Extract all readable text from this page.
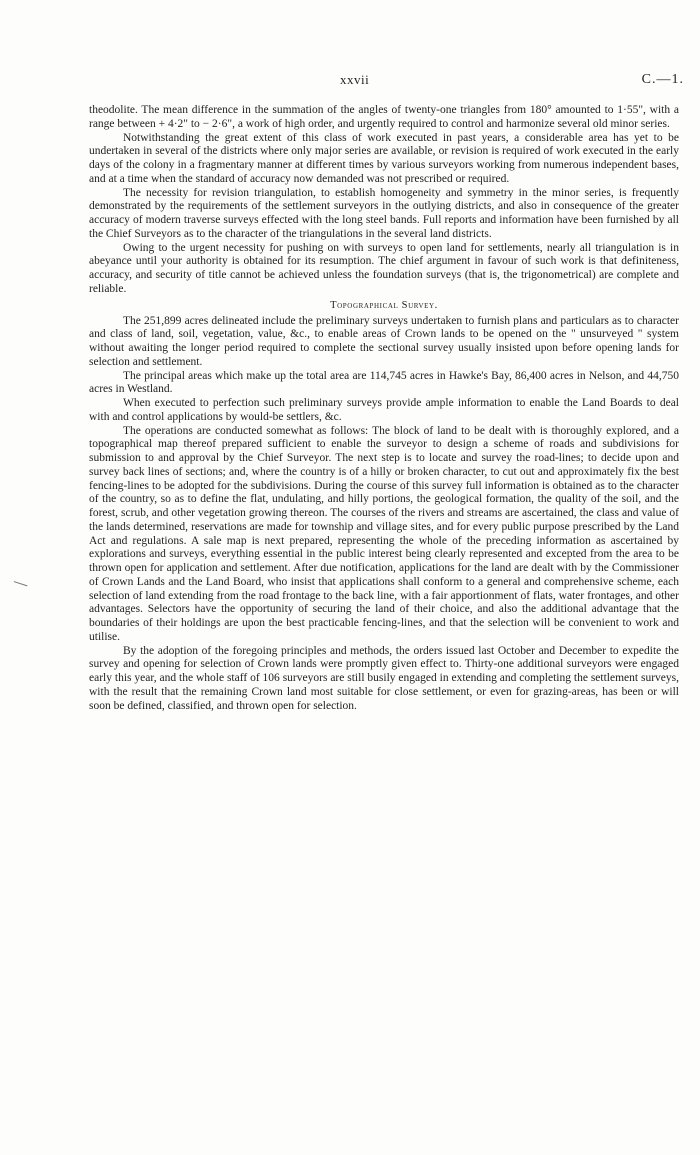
xxvii	C.—1.

theodolite. The mean difference in the summation of the angles of twenty-one triangles from 180° amounted to 1·55", with a range between + 4·2" to − 2·6", a work of high order, and urgently required to control and harmonize several old minor series.

Notwithstanding the great extent of this class of work executed in past years, a considerable area has yet to be undertaken in several of the districts where only major series are available, or revision is required of work executed in the early days of the colony in a fragmentary manner at different times by various surveyors working from numerous independent bases, and at a time when the standard of accuracy now demanded was not prescribed or required.

The necessity for revision triangulation, to establish homogeneity and symmetry in the minor series, is frequently demonstrated by the requirements of the settlement surveyors in the outlying districts, and also in consequence of the greater accuracy of modern traverse surveys effected with the long steel bands. Full reports and information have been furnished by all the Chief Surveyors as to the character of the triangulations in the several land districts.

Owing to the urgent necessity for pushing on with surveys to open land for settlements, nearly all triangulation is in abeyance until your authority is obtained for its resumption. The chief argument in favour of such work is that definiteness, accuracy, and security of title cannot be achieved unless the foundation surveys (that is, the trigonometrical) are complete and reliable.

Topographical Survey.

The 251,899 acres delineated include the preliminary surveys undertaken to furnish plans and particulars as to character and class of land, soil, vegetation, value, &c., to enable areas of Crown lands to be opened on the " unsurveyed " system without awaiting the longer period required to complete the sectional survey usually insisted upon before opening lands for selection and settlement.

The principal areas which make up the total area are 114,745 acres in Hawke's Bay, 86,400 acres in Nelson, and 44,750 acres in Westland.

When executed to perfection such preliminary surveys provide ample information to enable the Land Boards to deal with and control applications by would-be settlers, &c.

The operations are conducted somewhat as follows: The block of land to be dealt with is thoroughly explored, and a topographical map thereof prepared sufficient to enable the surveyor to design a scheme of roads and subdivisions for submission to and approval by the Chief Surveyor. The next step is to locate and survey the road-lines; to decide upon and survey back lines of sections; and, where the country is of a hilly or broken character, to cut out and approximately fix the best fencing-lines to be adopted for the subdivisions. During the course of this survey full information is obtained as to the character of the country, so as to define the flat, undulating, and hilly portions, the geological formation, the quality of the soil, and the forest, scrub, and other vegetation growing thereon. The courses of the rivers and streams are ascertained, the class and value of the lands determined, reservations are made for township and village sites, and for every public purpose prescribed by the Land Act and regulations. A sale map is next prepared, representing the whole of the preceding information as ascertained by explorations and surveys, everything essential in the public interest being clearly represented and excepted from the area to be thrown open for application and settlement. After due notification, applications for the land are dealt with by the Commissioner of Crown Lands and the Land Board, who insist that applications shall conform to a general and comprehensive scheme, each selection of land extending from the road frontage to the back line, with a fair apportionment of flats, water frontages, and other advantages. Selectors have the opportunity of securing the land of their choice, and also the additional advantage that the boundaries of their holdings are upon the best practicable fencing-lines, and that the selection will be convenient to work and utilise.

By the adoption of the foregoing principles and methods, the orders issued last October and December to expedite the survey and opening for selection of Crown lands were promptly given effect to. Thirty-one additional surveyors were engaged early this year, and the whole staff of 106 surveyors are still busily engaged in extending and completing the settlement surveys, with the result that the remaining Crown land most suitable for close settlement, or even for grazing-areas, has been or will soon be defined, classified, and thrown open for selection.
